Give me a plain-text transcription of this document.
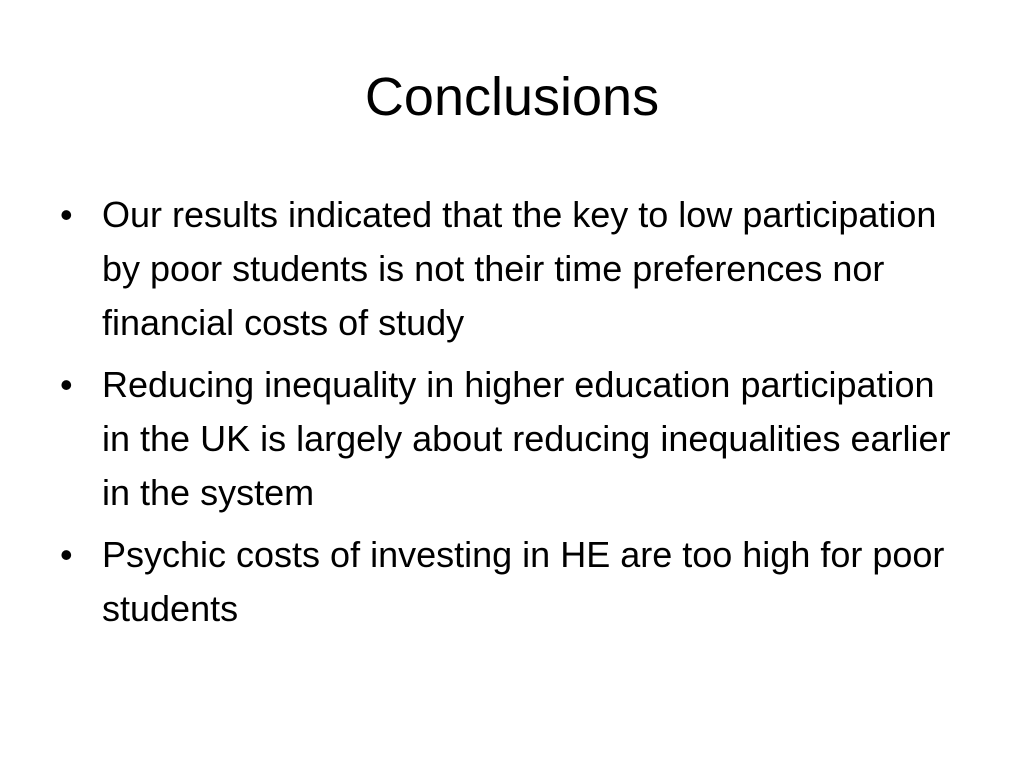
Conclusions
• Our results indicated that the key to low participation by poor students is not their time preferences nor financial costs of study
• Reducing inequality in higher education participation in the UK is largely about reducing inequalities earlier in the system
• Psychic costs of investing in HE are too high for poor students
